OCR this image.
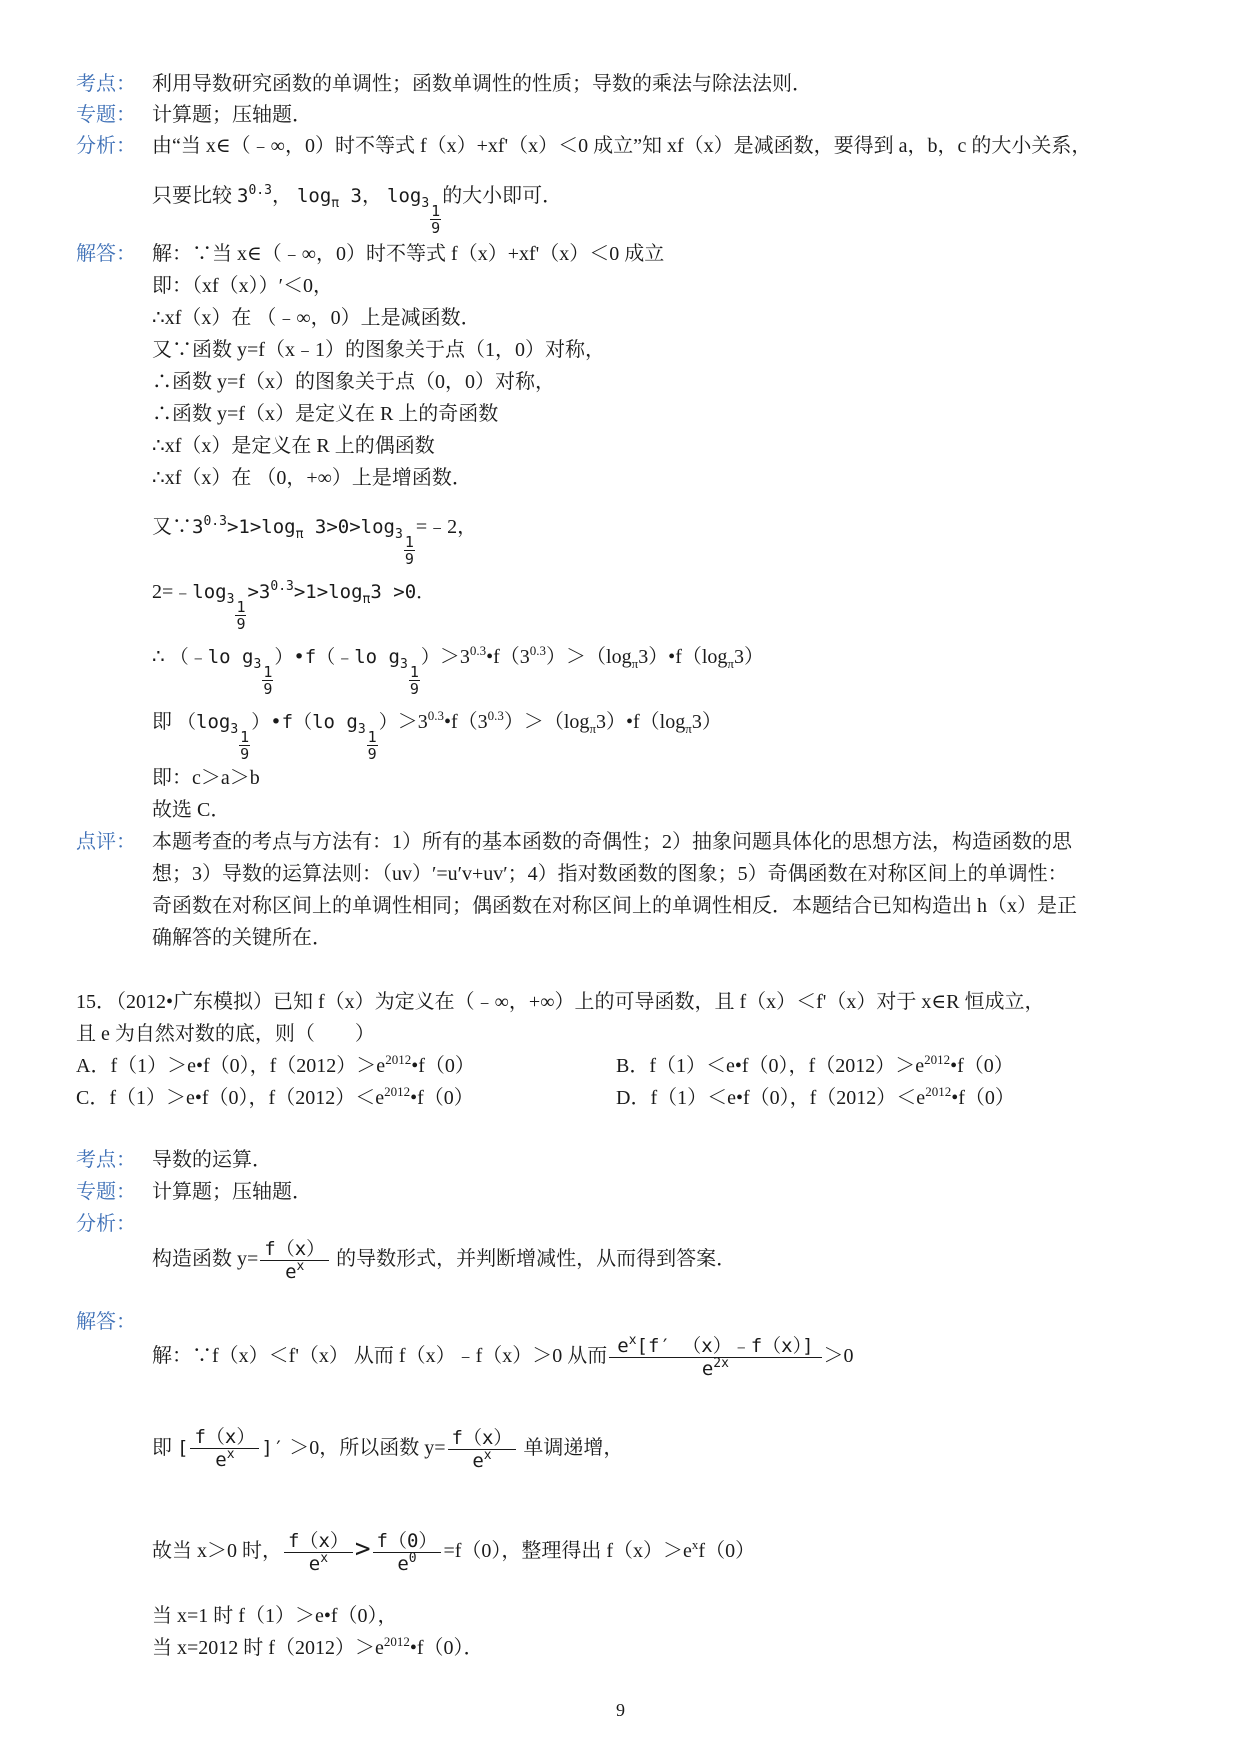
考点： 利用导数研究函数的单调性；函数单调性的性质；导数的乘法与除法法则．
专题： 计算题；压轴题．
分析： 由“当 x∈（﹣∞，0）时不等式 f（x）+xf'（x）＜0 成立”知 xf（x）是减函数，要得到 a，b，c 的大小关系，
只要比较 $3^{0.3}$， $\log_\pi 3$， $\log_3 \frac{1}{9}$
的大小即可．
解答： 解：∵当 x∈（﹣∞，0）时不等式 f（x）+xf'（x）＜0 成立
即：（xf（x））′＜0，
∴xf（x）在 （﹣∞，0）上是减函数．
又∵函数 y=f（x﹣1）的图象关于点（1，0）对称，
∴函数 y=f（x）的图象关于点（0，0）对称，
∴函数 y=f（x）是定义在 R 上的奇函数
∴xf（x）是定义在 R 上的偶函数
∴xf（x）在 （0，+∞）上是增函数．
又$\because 3^{0.3}>1>\log_\pi$ $3>0>\log_3 \frac{1}{9}$
=﹣2，
$2=﹣\log_3 \frac{1}{9}$
$>3^{0.3}>1>\log_\pi 3 >0$．
∴ （﹣lo $g_3 \frac{1}{9}$
）•f（﹣lo $g_3 \frac{1}{9}$
）$>3^{0.3}•f(3^{0.3})>(\log_\pi 3)•f(\log_\pi 3)$
即 （$\log_3 \frac{1}{9}$
）•f（lo $g_3 \frac{1}{9}$
）$>3^{0.3}•f(3^{0.3})>(\log_\pi 3)•f(\log_\pi 3)$
即：c＞a＞b
故选 C．
点评： 本题考查的考点与方法有：1）所有的基本函数的奇偶性；2）抽象问题具体化的思想方法，构造函数的思
想；3）导数的运算法则：（uv）′=u′v+uv′；4）指对数函数的图象；5）奇偶函数在对称区间上的单调性：
奇函数在对称区间上的单调性相同；偶函数在对称区间上的单调性相反．本题结合已知构造出 h（x）是正
确解答的关键所在．
15．（2012•广东模拟）已知 f（x）为定义在（﹣∞，+∞）上的可导函数，且 f（x）＜f'（x）对于 x∈R 恒成立，
且 e 为自然对数的底，则（　　）
A．f（1）＞e•f（0），$f(2012)>e^{2012}•f(0)$	B．f（1）＜e•f（0），$f(2012)>e^{2012}•f(0)$
C．f（1）＞e•f（0），$f(2012)<e^{2012}•f(0)$	D．f（1）＜e•f（0），$f(2012)<e^{2012}•f(0)$
考点： 导数的运算．
专题： 计算题；压轴题．
分析：
构造函数 $y= \frac{f(x)}{e^x}$ 的导数形式，并判断增减性，从而得到答案．
解答：
解：∵f（x）＜f'（x） 从而 f（x）﹣f（x）＞0 从而 $\frac{e^x[f' (x)﹣f(x)]}{e^{2x}} >0$
即 [ $\frac{f(x)}{e^x}$ ]′ ＞0，所以函数 $y= \frac{f(x)}{e^x}$ 单调递增，
故当 x＞0 时， $\frac{f(x)}{e^x} > \frac{f(0)}{e^0} =f(0)$，整理得出 $f(x)>e^xf(0)$
当 x=1 时 f（1）＞e•f（0），
当 x=2012 时 $f(2012)>e^{2012}•f(0)$．
9
